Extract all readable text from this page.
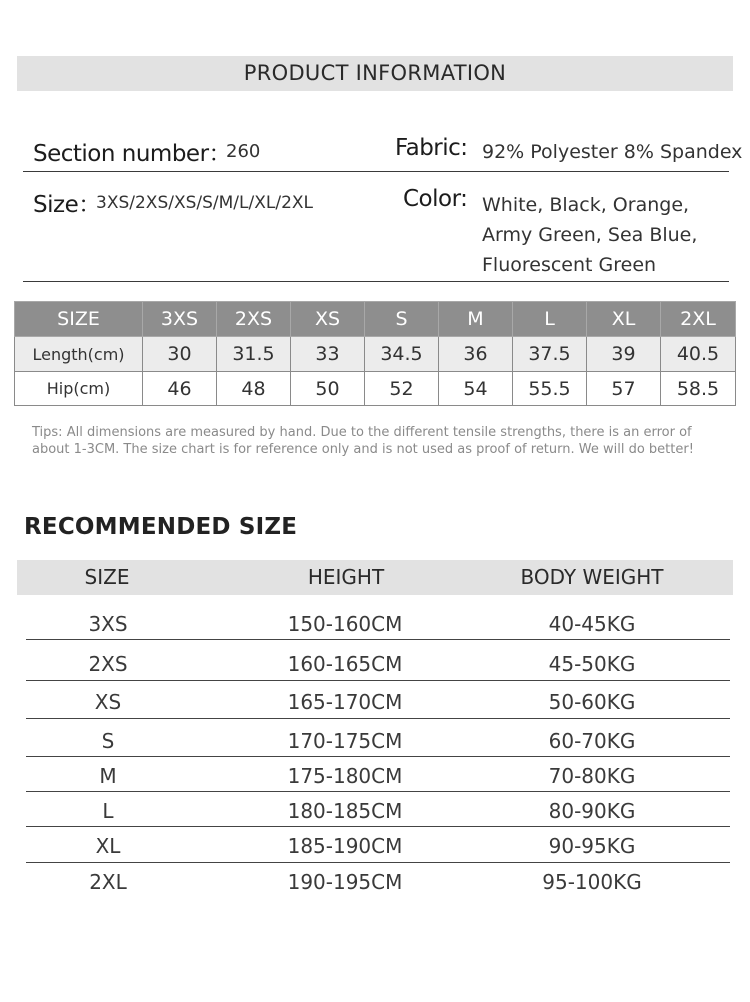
PRODUCT INFORMATION
Section number：
260	Fabric: 92% Polyester 8% Spandex
Size：
3XS/2XS/XS/S/M/L/XL/2XL	Color: White, Black, Orange,
Army Green, Sea Blue,
Fluorescent Green
SIZE	3XS	2XS	XS	S	M	L	XL	2XL
Length(cm)	30	31.5	33	34.5	36	37.5	39	40.5
Hip(cm)	46	48	50	52	54	55.5	57	58.5
Tips: All dimensions are measured by hand. Due to the different tensile strengths, there is an error of about 1-3CM. The size chart is for reference only and is not used as proof of return. We will do better!
RECOMMENDED SIZE
SIZE	HEIGHT	BODY WEIGHT
3XS	150-160CM	40-45KG
2XS	160-165CM	45-50KG
XS	165-170CM	50-60KG
S	170-175CM	60-70KG
M	175-180CM	70-80KG
L	180-185CM	80-90KG
XL	185-190CM	90-95KG
2XL	190-195CM	95-100KG
